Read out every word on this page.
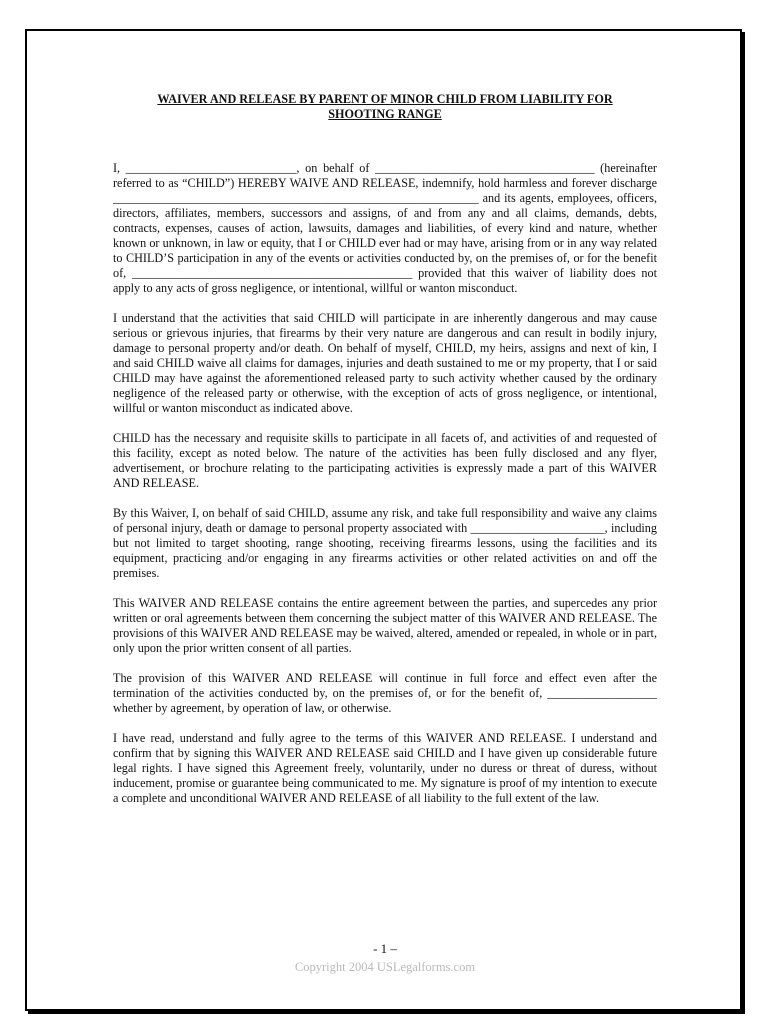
WAIVER AND RELEASE BY PARENT OF MINOR CHILD FROM LIABILITY FOR
SHOOTING RANGE

I, ____________________________, on behalf of ____________________________________ (hereinafter referred to as “CHILD”) HEREBY WAIVE AND RELEASE, indemnify, hold harmless and forever discharge ____________________________________________________________ and its agents, employees, officers, directors, affiliates, members, successors and assigns, of and from any and all claims, demands, debts, contracts, expenses, causes of action, lawsuits, damages and liabilities, of every kind and nature, whether known or unknown, in law or equity, that I or CHILD ever had or may have, arising from or in any way related to CHILD’S participation in any of the events or activities conducted by, on the premises of, or for the benefit of, ______________________________________________ provided that this waiver of liability does not apply to any acts of gross negligence, or intentional, willful or wanton misconduct.

I understand that the activities that said CHILD will participate in are inherently dangerous and may cause serious or grievous injuries, that firearms by their very nature are dangerous and can result in bodily injury, damage to personal property and/or death. On behalf of myself, CHILD, my heirs, assigns and next of kin, I and said CHILD waive all claims for damages, injuries and death sustained to me or my property, that I or said CHILD may have against the aforementioned released party to such activity whether caused by the ordinary negligence of the released party or otherwise, with the exception of acts of gross negligence, or intentional, willful or wanton misconduct as indicated above.

CHILD has the necessary and requisite skills to participate in all facets of, and activities of and requested of this facility, except as noted below. The nature of the activities has been fully disclosed and any flyer, advertisement, or brochure relating to the participating activities is expressly made a part of this WAIVER AND RELEASE.

By this Waiver, I, on behalf of said CHILD, assume any risk, and take full responsibility and waive any claims of personal injury, death or damage to personal property associated with ______________________, including but not limited to target shooting, range shooting, receiving firearms lessons, using the facilities and its equipment, practicing and/or engaging in any firearms activities or other related activities on and off the premises.

This WAIVER AND RELEASE contains the entire agreement between the parties, and supercedes any prior written or oral agreements between them concerning the subject matter of this WAIVER AND RELEASE. The provisions of this WAIVER AND RELEASE may be waived, altered, amended or repealed, in whole or in part, only upon the prior written consent of all parties.

The provision of this WAIVER AND RELEASE will continue in full force and effect even after the termination of the activities conducted by, on the premises of, or for the benefit of, __________________ whether by agreement, by operation of law, or otherwise.

I have read, understand and fully agree to the terms of this WAIVER AND RELEASE. I understand and confirm that by signing this WAIVER AND RELEASE said CHILD and I have given up considerable future legal rights. I have signed this Agreement freely, voluntarily, under no duress or threat of duress, without inducement, promise or guarantee being communicated to me. My signature is proof of my intention to execute a complete and unconditional WAIVER AND RELEASE of all liability to the full extent of the law.

- 1 –
Copyright 2004 USLegalforms.com
